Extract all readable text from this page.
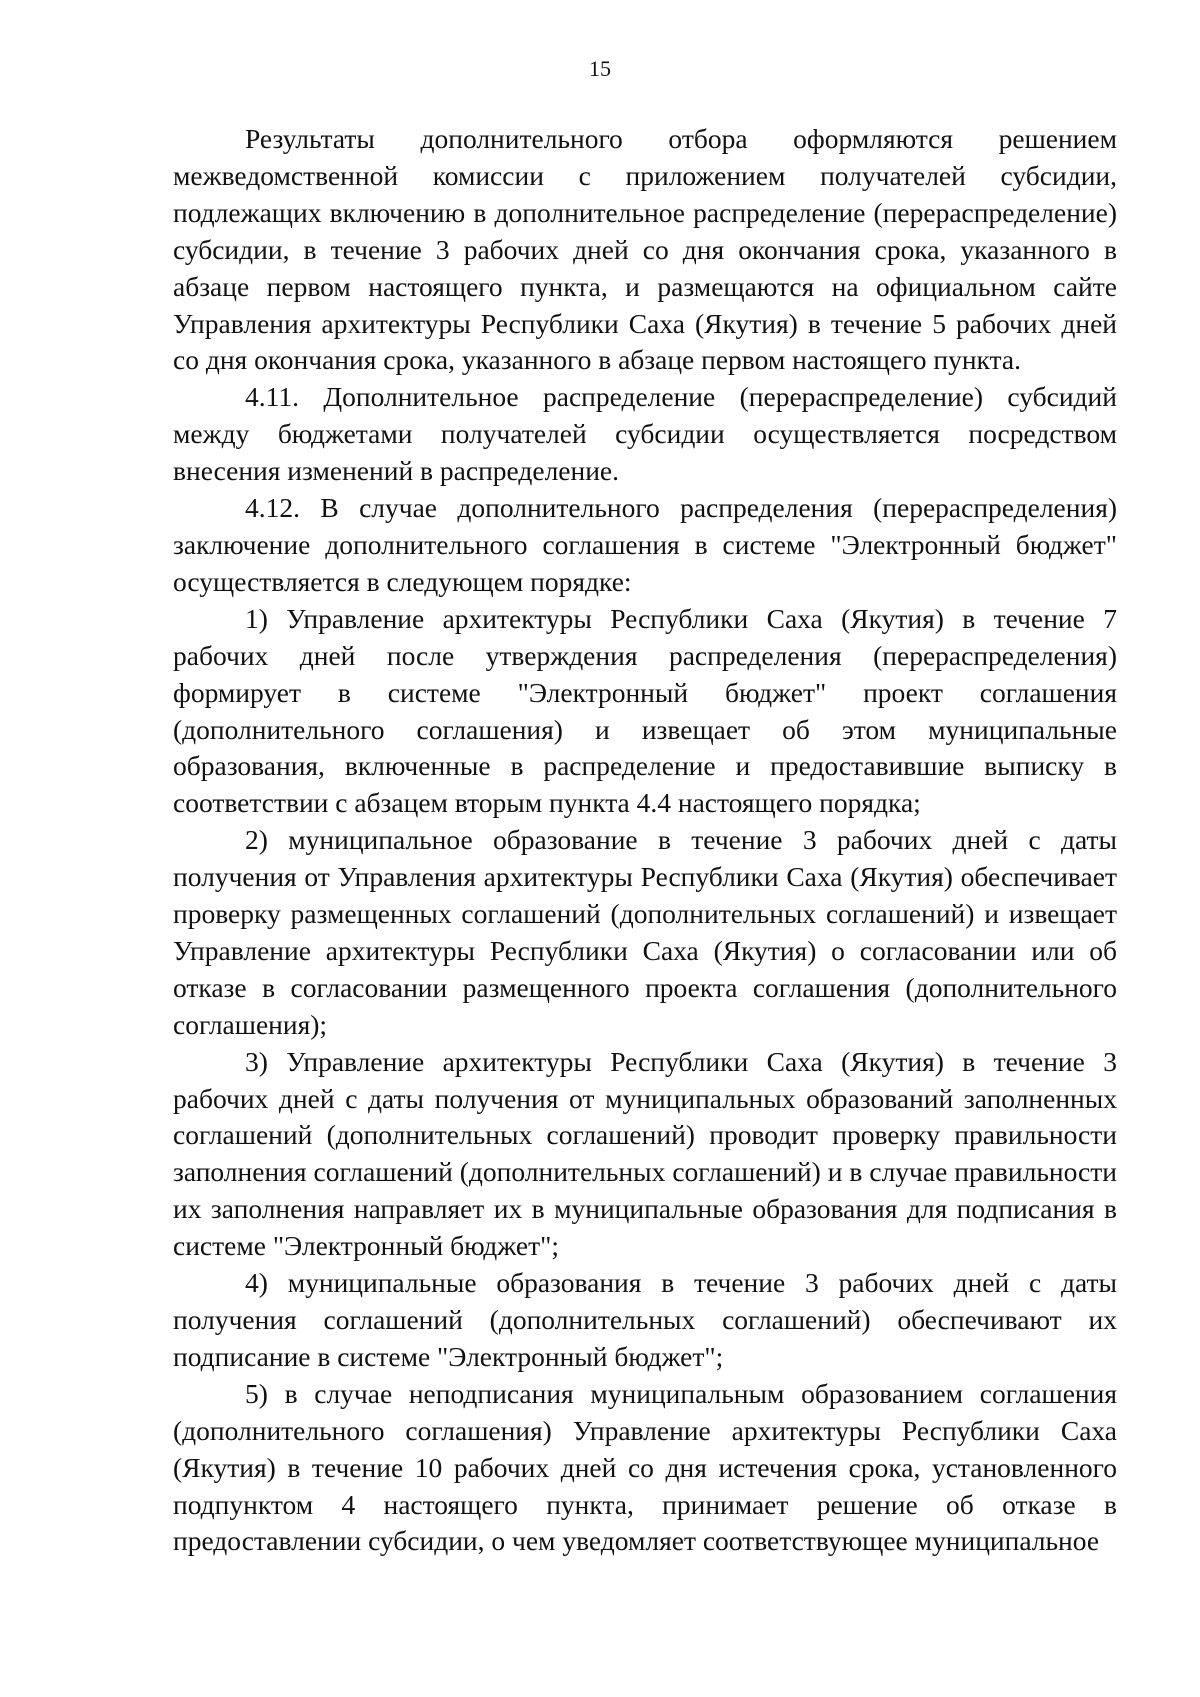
15

Результаты дополнительного отбора оформляются решением межведомственной комиссии с приложением получателей субсидии, подлежащих включению в дополнительное распределение (перераспределение) субсидии, в течение 3 рабочих дней со дня окончания срока, указанного в абзаце первом настоящего пункта, и размещаются на официальном сайте Управления архитектуры Республики Саха (Якутия) в течение 5 рабочих дней со дня окончания срока, указанного в абзаце первом настоящего пункта.

4.11. Дополнительное распределение (перераспределение) субсидий между бюджетами получателей субсидии осуществляется посредством внесения изменений в распределение.

4.12. В случае дополнительного распределения (перераспределения) заключение дополнительного соглашения в системе "Электронный бюджет" осуществляется в следующем порядке:

1) Управление архитектуры Республики Саха (Якутия) в течение 7 рабочих дней после утверждения распределения (перераспределения) формирует в системе "Электронный бюджет" проект соглашения (дополнительного соглашения) и извещает об этом муниципальные образования, включенные в распределение и предоставившие выписку в соответствии с абзацем вторым пункта 4.4 настоящего порядка;

2) муниципальное образование в течение 3 рабочих дней с даты получения от Управления архитектуры Республики Саха (Якутия) обеспечивает проверку размещенных соглашений (дополнительных соглашений) и извещает Управление архитектуры Республики Саха (Якутия) о согласовании или об отказе в согласовании размещенного проекта соглашения (дополнительного соглашения);

3) Управление архитектуры Республики Саха (Якутия) в течение 3 рабочих дней с даты получения от муниципальных образований заполненных соглашений (дополнительных соглашений) проводит проверку правильности заполнения соглашений (дополнительных соглашений) и в случае правильности их заполнения направляет их в муниципальные образования для подписания в системе "Электронный бюджет";

4) муниципальные образования в течение 3 рабочих дней с даты получения соглашений (дополнительных соглашений) обеспечивают их подписание в системе "Электронный бюджет";

5) в случае неподписания муниципальным образованием соглашения (дополнительного соглашения) Управление архитектуры Республики Саха (Якутия) в течение 10 рабочих дней со дня истечения срока, установленного подпунктом 4 настоящего пункта, принимает решение об отказе в предоставлении субсидии, о чем уведомляет соответствующее муниципальное
